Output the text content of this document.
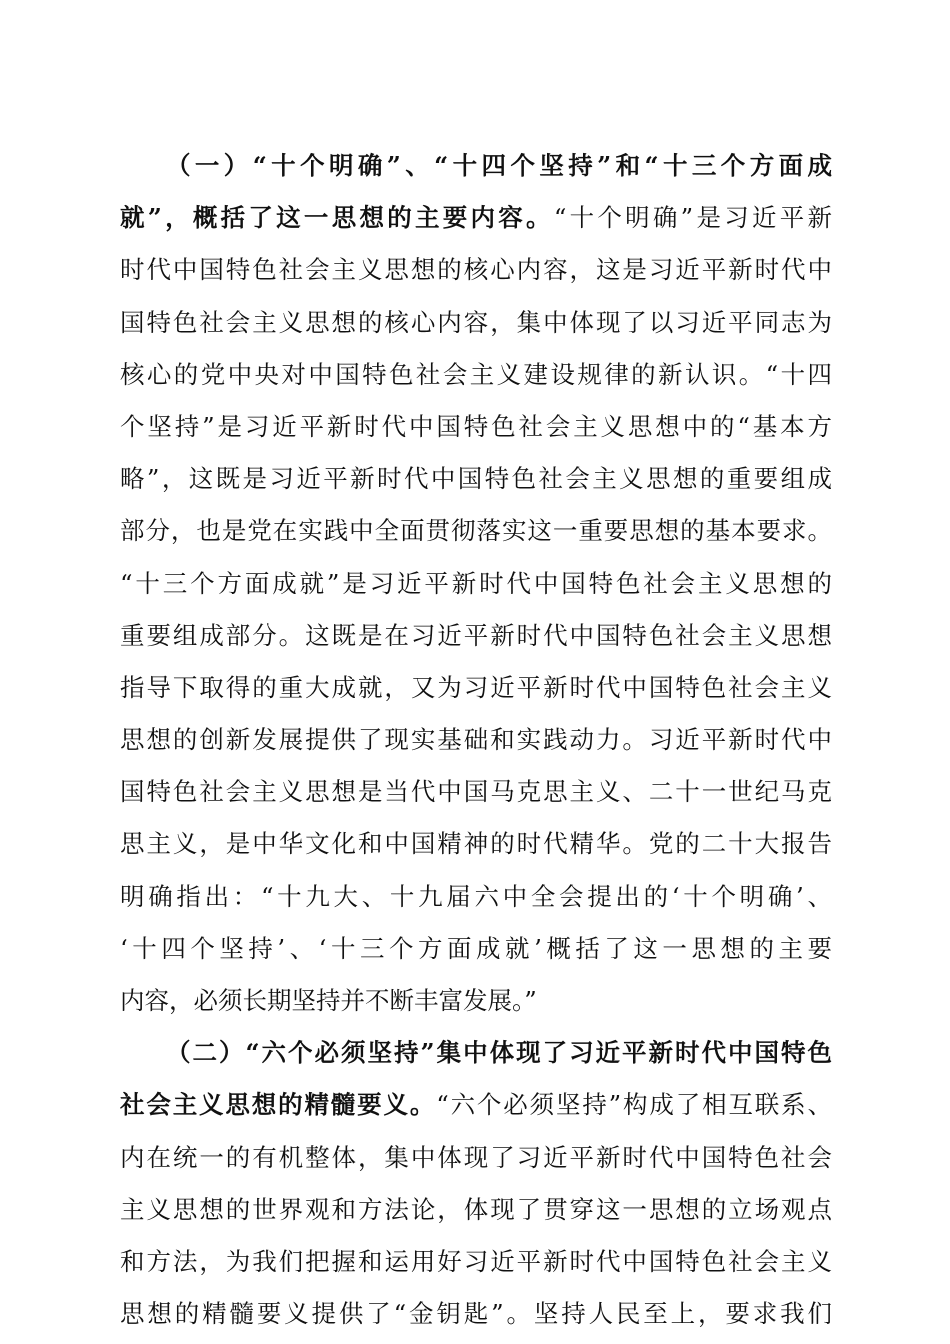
（一）“十个明确”、“十四个坚持”和“十三个方面成
就”，概括了这一思想的主要内容。“十个明确”是习近平新
时代中国特色社会主义思想的核心内容，这是习近平新时代中
国特色社会主义思想的核心内容，集中体现了以习近平同志为
核心的党中央对中国特色社会主义建设规律的新认识。“十四
个坚持”是习近平新时代中国特色社会主义思想中的“基本方
略”，这既是习近平新时代中国特色社会主义思想的重要组成
部分，也是党在实践中全面贯彻落实这一重要思想的基本要求。
“十三个方面成就”是习近平新时代中国特色社会主义思想的
重要组成部分。这既是在习近平新时代中国特色社会主义思想
指导下取得的重大成就，又为习近平新时代中国特色社会主义
思想的创新发展提供了现实基础和实践动力。习近平新时代中
国特色社会主义思想是当代中国马克思主义、二十一世纪马克
思主义，是中华文化和中国精神的时代精华。党的二十大报告
明确指出：“十九大、十九届六中全会提出的‘十个明确’、
‘十四个坚持’、‘十三个方面成就’概括了这一思想的主要
内容，必须长期坚持并不断丰富发展。”
（二）“六个必须坚持”集中体现了习近平新时代中国特色
社会主义思想的精髓要义。“六个必须坚持”构成了相互联系、
内在统一的有机整体，集中体现了习近平新时代中国特色社会
主义思想的世界观和方法论，体现了贯穿这一思想的立场观点
和方法，为我们把握和运用好习近平新时代中国特色社会主义
思想的精髓要义提供了“金钥匙”。坚持人民至上，要求我们
